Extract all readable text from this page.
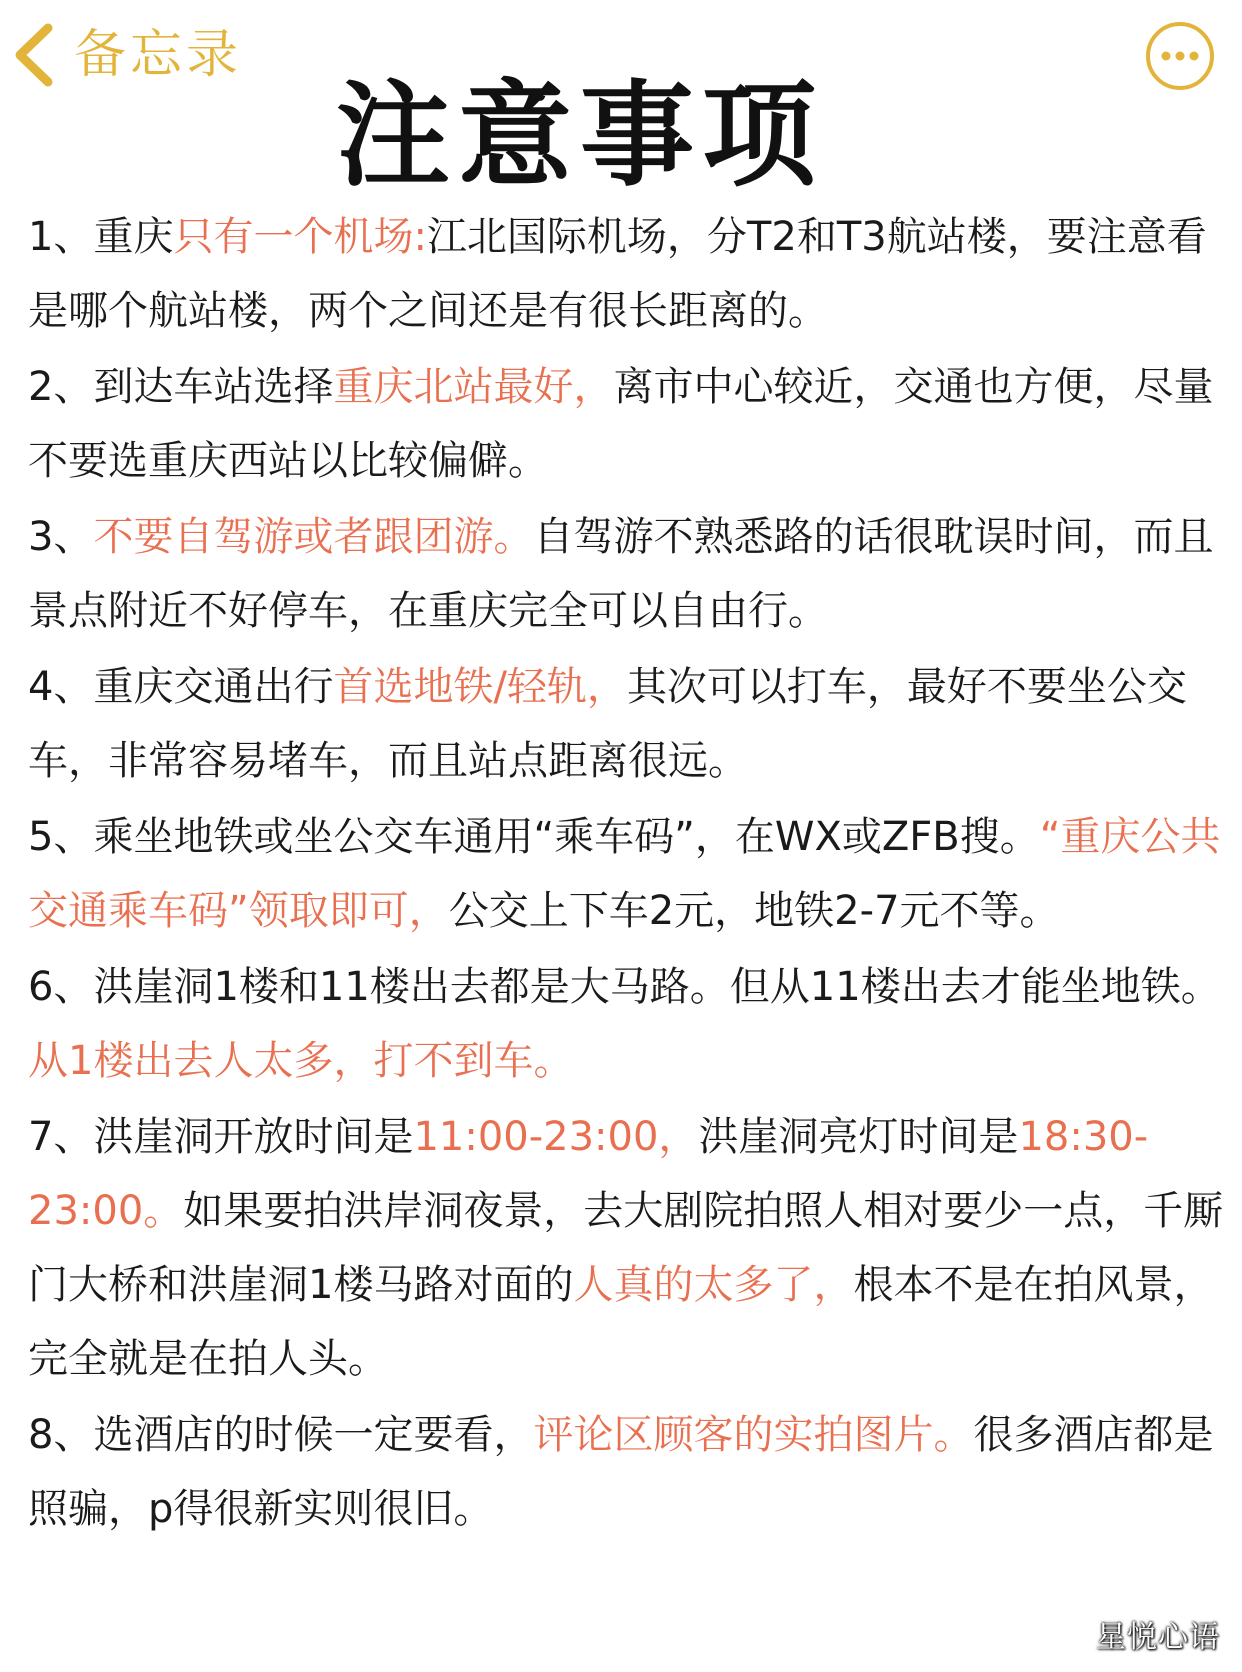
备忘录
注意事项

1、重庆只有一个机场:江北国际机场，分T2和T3航站楼，要注意看是哪个航站楼，两个之间还是有很长距离的。

2、到达车站选择重庆北站最好，离市中心较近，交通也方便，尽量不要选重庆西站以比较偏僻。

3、不要自驾游或者跟团游。自驾游不熟悉路的话很耽误时间，而且景点附近不好停车，在重庆完全可以自由行。

4、重庆交通出行首选地铁/轻轨，其次可以打车，最好不要坐公交车，非常容易堵车，而且站点距离很远。

5、乘坐地铁或坐公交车通用“乘车码”，在WX或ZFB搜。“重庆公共交通乘车码”领取即可，公交上下车2元，地铁2-7元不等。

6、洪崖洞1楼和11楼出去都是大马路。但从11楼出去才能坐地铁。从1楼出去人太多，打不到车。

7、洪崖洞开放时间是11:00-23:00，洪崖洞亮灯时间是18:30-23:00。如果要拍洪岸洞夜景，去大剧院拍照人相对要少一点，千厮门大桥和洪崖洞1楼马路对面的人真的太多了，根本不是在拍风景，完全就是在拍人头。

8、选酒店的时候一定要看，评论区顾客的实拍图片。很多酒店都是照骗，p得很新实则很旧。

星悦心语
